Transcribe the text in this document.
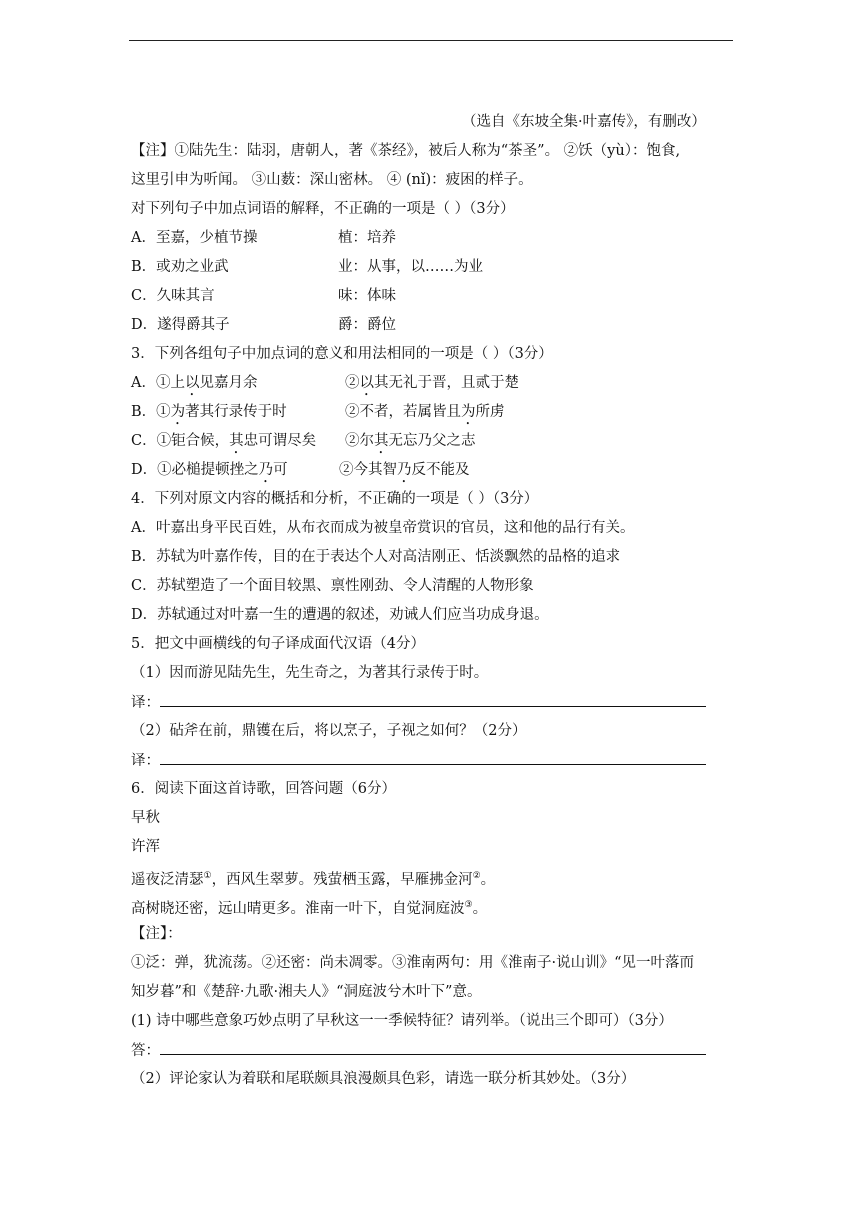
（选自《东坡全集·叶嘉传》，有删改）
【注】①陆先生：陆羽，唐朝人，著《茶经》，被后人称为“茶圣”。 ②饫（yù）：饱食,
这里引申为听闻。 ③山薮：深山密林。 ④ (nǐ)：疲困的样子。
对下列句子中加点词语的解释，不正确的一项是（ ）（3分）
A．至嘉，少植节操	植：培养
B．或劝之业武	业：从事，以……为业
C．久味其言	味：体味
D．遂得爵其子	爵：爵位
3．下列各组句子中加点词的意义和用法相同的一项是（ ）（3分）
A．①上以见嘉月余	②以其无礼于晋，且贰于楚
B．①为著其行录传于时	②不者，若属皆且为所虏
C．①钜合候，其忠可谓尽矣 ②尔其无忘乃父之志
D．①必槌提顿挫之乃可	②今其智乃反不能及
4．下列对原文内容的概括和分析，不正确的一项是（ ）（3分）
A．叶嘉出身平民百姓，从布衣而成为被皇帝赏识的官员，这和他的品行有关。
B．苏轼为叶嘉作传，目的在于表达个人对高洁刚正、恬淡飘然的品格的追求
C．苏轼塑造了一个面目较黑、禀性刚劲、令人清醒的人物形象
D．苏轼通过对叶嘉一生的遭遇的叙述，劝诫人们应当功成身退。
5．把文中画横线的句子译成面代汉语（4分）
（1）因而游见陆先生，先生奇之，为著其行录传于时。
译：
（2）砧斧在前，鼎镬在后，将以烹子，子视之如何？（2分）
译：
6．阅读下面这首诗歌，回答问题（6分）
早秋
许浑
遥夜泛清瑟①，西风生翠萝。残萤栖玉露，早雁拂金河②。
高树晓还密，远山晴更多。淮南一叶下，自觉洞庭波③。
【注】：
①泛：弹，犹流荡。②还密：尚未凋零。③淮南两句：用《淮南子·说山训》“见一叶落而
知岁暮”和《楚辞·九歌·湘夫人》“洞庭波兮木叶下”意。
(1) 诗中哪些意象巧妙点明了早秋这一一季候特征？请列举。（说出三个即可）（3分）
答：
（2）评论家认为着联和尾联颇具浪漫颇具色彩，请选一联分析其妙处。（3分）
